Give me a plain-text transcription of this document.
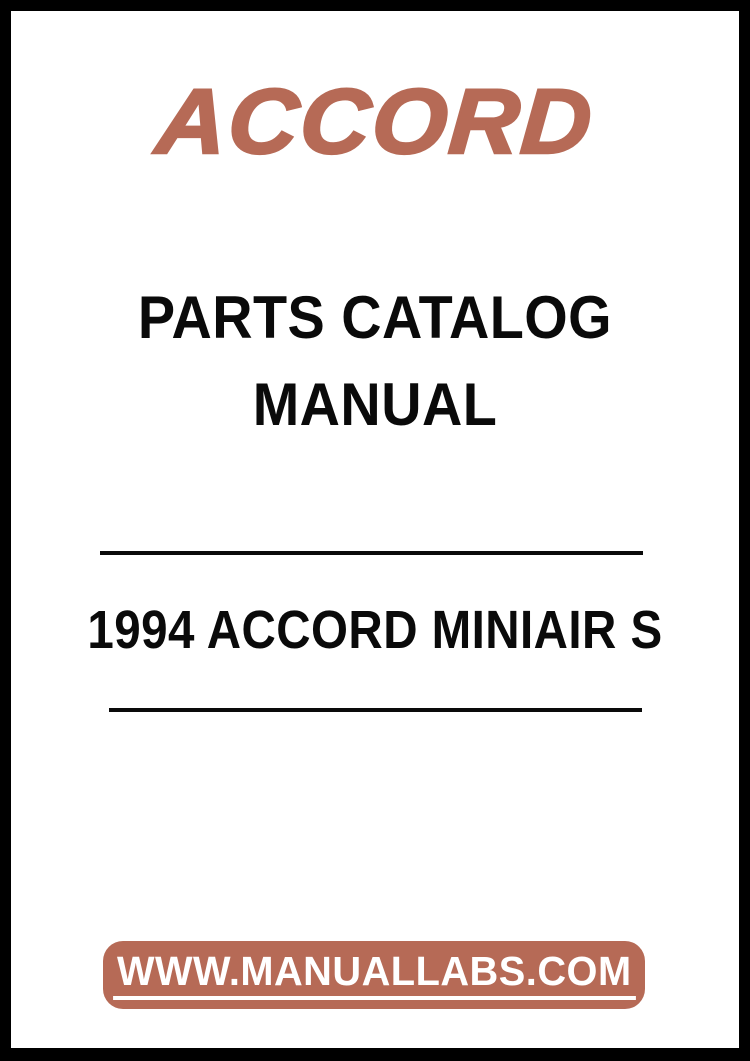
ACCORD
PARTS CATALOG
MANUAL
1994 ACCORD MINIAIR S
WWW.MANUALLABS.COM
